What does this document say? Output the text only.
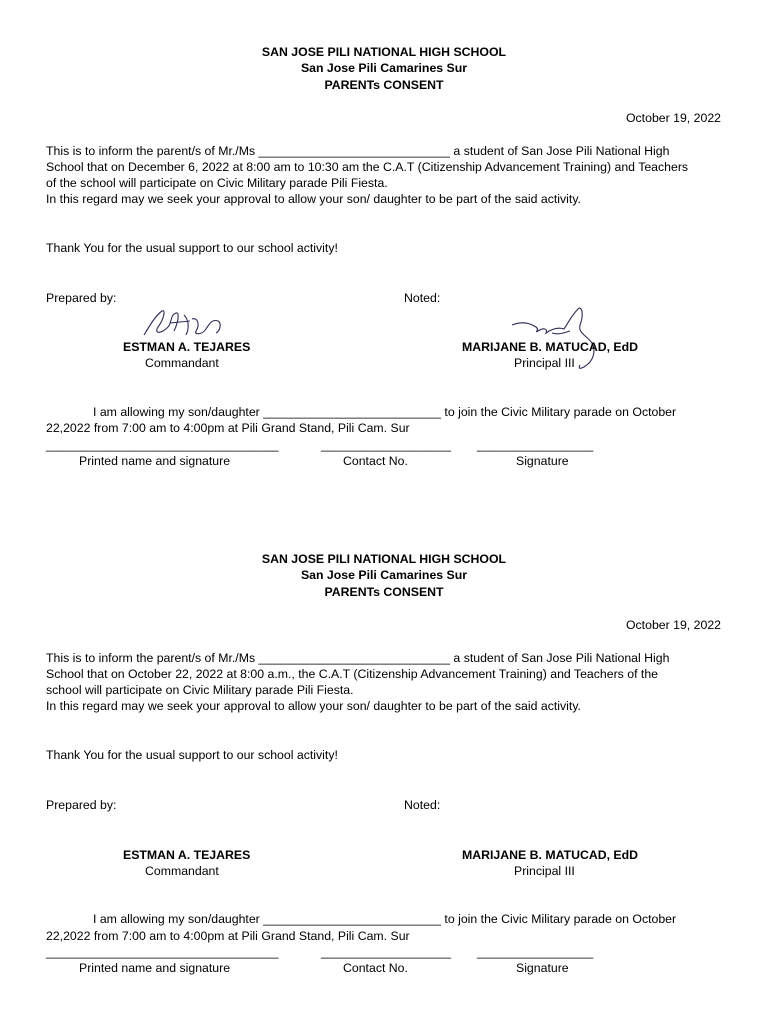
SAN JOSE PILI NATIONAL HIGH SCHOOL
San Jose Pili Camarines Sur
PARENTs CONSENT
October 19, 2022
This is to inform the parent/s of Mr./Ms ____________________________ a student of San Jose Pili National High
School that on December 6, 2022 at 8:00 am to 10:30 am the C.A.T (Citizenship Advancement Training) and Teachers
of the school will participate on Civic Military parade Pili Fiesta.
In this regard may we seek your approval to allow your son/ daughter to be part of the said activity.
Thank You for the usual support to our school activity!
Prepared by:	Noted:
ESTMAN A. TEJARES
Commandant
MARIJANE B. MATUCAD, EdD
Principal III
I am allowing my son/daughter __________________________ to join the Civic Military parade on October
22,2022 from 7:00 am to 4:00pm at Pili Grand Stand, Pili Cam. Sur
__________________________________	___________________ _________________
Printed name and signature	Contact No.	Signature
SAN JOSE PILI NATIONAL HIGH SCHOOL
San Jose Pili Camarines Sur
PARENTs CONSENT
October 19, 2022
This is to inform the parent/s of Mr./Ms ____________________________ a student of San Jose Pili National High
School that on October 22, 2022 at 8:00 a.m., the C.A.T (Citizenship Advancement Training) and Teachers of the
school will participate on Civic Military parade Pili Fiesta.
In this regard may we seek your approval to allow your son/ daughter to be part of the said activity.
Thank You for the usual support to our school activity!
Prepared by:	Noted:
ESTMAN A. TEJARES
Commandant
MARIJANE B. MATUCAD, EdD
Principal III
I am allowing my son/daughter __________________________ to join the Civic Military parade on October
22,2022 from 7:00 am to 4:00pm at Pili Grand Stand, Pili Cam. Sur
__________________________________	___________________ _________________
Printed name and signature	Contact No.	Signature
